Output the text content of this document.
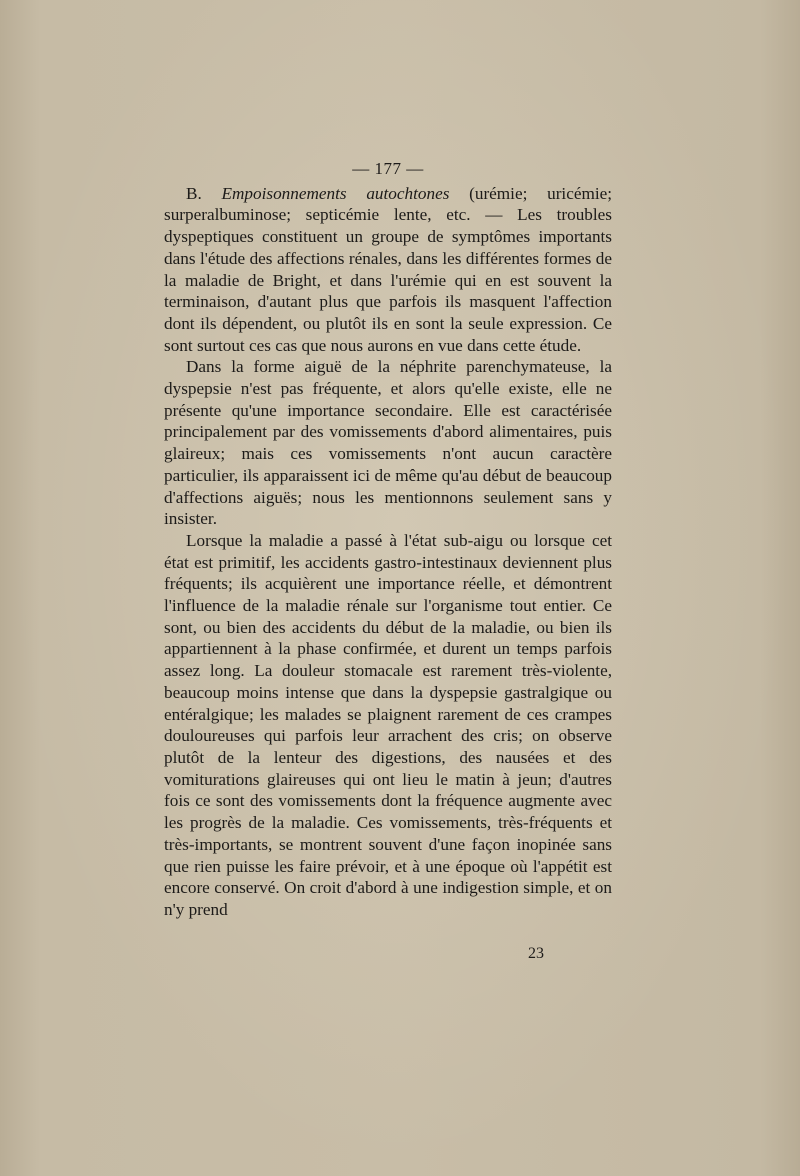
— 177 —

B. Empoisonnements autochtones (urémie; uricémie; surperalbuminose; septicémie lente, etc. — Les troubles dyspeptiques constituent un groupe de symptômes importants dans l'étude des affections rénales, dans les différentes formes de la maladie de Bright, et dans l'urémie qui en est souvent la terminaison, d'autant plus que parfois ils masquent l'affection dont ils dépendent, ou plutôt ils en sont la seule expression. Ce sont surtout ces cas que nous aurons en vue dans cette étude.

Dans la forme aiguë de la néphrite parenchymateuse, la dyspepsie n'est pas fréquente, et alors qu'elle existe, elle ne présente qu'une importance secondaire. Elle est caractérisée principalement par des vomissements d'abord alimentaires, puis glaireux; mais ces vomissements n'ont aucun caractère particulier, ils apparaissent ici de même qu'au début de beaucoup d'affections aiguës; nous les mentionnons seulement sans y insister.

Lorsque la maladie a passé à l'état sub-aigu ou lorsque cet état est primitif, les accidents gastro-intestinaux deviennent plus fréquents; ils acquièrent une importance réelle, et démontrent l'influence de la maladie rénale sur l'organisme tout entier. Ce sont, ou bien des accidents du début de la maladie, ou bien ils appartiennent à la phase confirmée, et durent un temps parfois assez long. La douleur stomacale est rarement très-violente, beaucoup moins intense que dans la dyspepsie gastralgique ou entéralgique; les malades se plaignent rarement de ces crampes douloureuses qui parfois leur arrachent des cris; on observe plutôt de la lenteur des digestions, des nausées et des vomiturations glaireuses qui ont lieu le matin à jeun; d'autres fois ce sont des vomissements dont la fréquence augmente avec les progrès de la maladie. Ces vomissements, très-fréquents et très-importants, se montrent souvent d'une façon inopinée sans que rien puisse les faire prévoir, et à une époque où l'appétit est encore conservé. On croit d'abord à une indigestion simple, et on n'y prend

23
